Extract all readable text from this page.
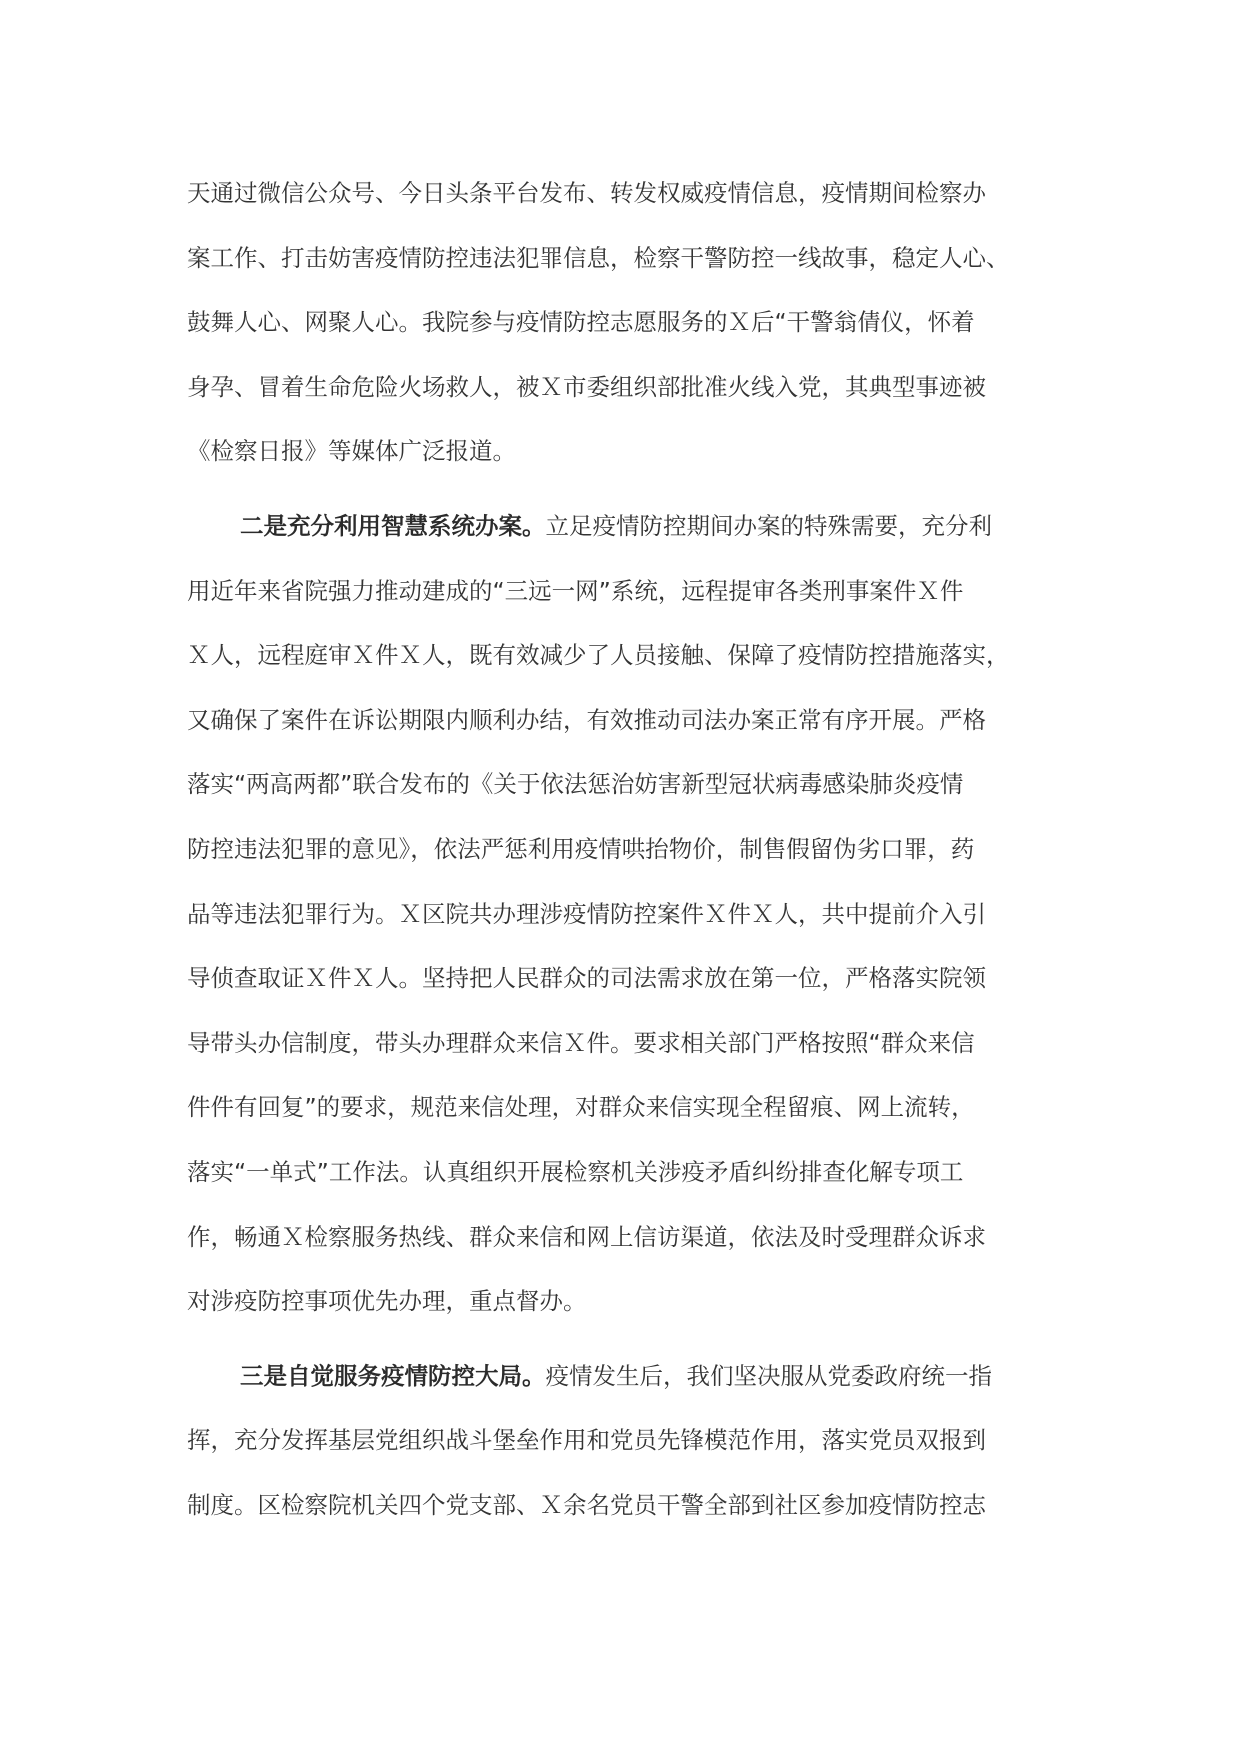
天通过微信公众号、今日头条平台发布、转发权威疫情信息，疫情期间检察办
案工作、打击妨害疫情防控违法犯罪信息，检察干警防控一线故事，稳定人心、
鼓舞人心、网聚人心。我院参与疫情防控志愿服务的Ｘ后“干警翁倩仪，怀着
身孕、冒着生命危险火场救人，被Ｘ市委组织部批准火线入党，其典型事迹被
《检察日报》等媒体广泛报道。
二是充分利用智慧系统办案。立足疫情防控期间办案的特殊需要，充分利
用近年来省院强力推动建成的“三远一网”系统，远程提审各类刑事案件Ｘ件
Ｘ人，远程庭审Ｘ件Ｘ人，既有效减少了人员接触、保障了疫情防控措施落实，
又确保了案件在诉讼期限内顺利办结，有效推动司法办案正常有序开展。严格
落实“两高两都”联合发布的《关于依法惩治妨害新型冠状病毒感染肺炎疫情
防控违法犯罪的意见》，依法严惩利用疫情哄抬物价，制售假留伪劣口罪，药
品等违法犯罪行为。Ｘ区院共办理涉疫情防控案件Ｘ件Ｘ人，共中提前介入引
导侦查取证Ｘ件Ｘ人。坚持把人民群众的司法需求放在第一位，严格落实院领
导带头办信制度，带头办理群众来信Ｘ件。要求相关部门严格按照“群众来信
件件有回复”的要求，规范来信处理，对群众来信实现全程留痕、网上流转，
落实“一单式”工作法。认真组织开展检察机关涉疫矛盾纠纷排查化解专项工
作，畅通Ｘ检察服务热线、群众来信和网上信访渠道，依法及时受理群众诉求
对涉疫防控事项优先办理，重点督办。
三是自觉服务疫情防控大局。疫情发生后，我们坚决服从党委政府统一指
挥，充分发挥基层党组织战斗堡垒作用和党员先锋模范作用，落实党员双报到
制度。区检察院机关四个党支部、Ｘ余名党员干警全部到社区参加疫情防控志
